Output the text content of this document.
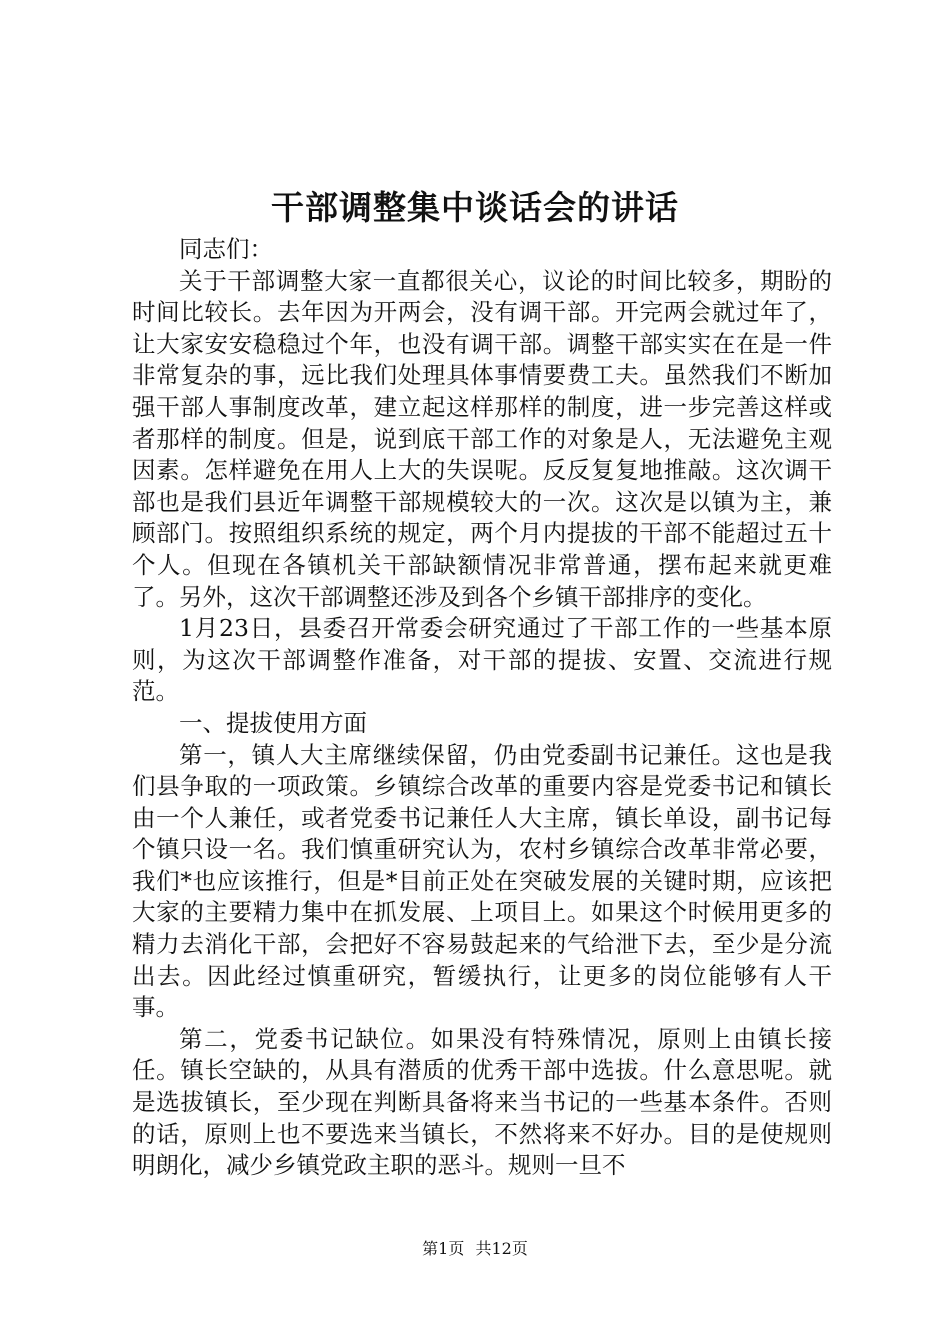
干部调整集中谈话会的讲话

同志们：

关于干部调整大家一直都很关心，议论的时间比较多，期盼的时间比较长。去年因为开两会，没有调干部。开完两会就过年了，让大家安安稳稳过个年，也没有调干部。调整干部实实在在是一件非常复杂的事，远比我们处理具体事情要费工夫。虽然我们不断加强干部人事制度改革，建立起这样那样的制度，进一步完善这样或者那样的制度。但是，说到底干部工作的对象是人，无法避免主观因素。怎样避免在用人上大的失误呢。反反复复地推敲。这次调干部也是我们县近年调整干部规模较大的一次。这次是以镇为主，兼顾部门。按照组织系统的规定，两个月内提拔的干部不能超过五十个人。但现在各镇机关干部缺额情况非常普通，摆布起来就更难了。另外，这次干部调整还涉及到各个乡镇干部排序的变化。

1月23日，县委召开常委会研究通过了干部工作的一些基本原则，为这次干部调整作准备，对干部的提拔、安置、交流进行规范。

一、提拔使用方面

第一，镇人大主席继续保留，仍由党委副书记兼任。这也是我们县争取的一项政策。乡镇综合改革的重要内容是党委书记和镇长由一个人兼任，或者党委书记兼任人大主席，镇长单设，副书记每个镇只设一名。我们慎重研究认为，农村乡镇综合改革非常必要，我们*也应该推行，但是*目前正处在突破发展的关键时期，应该把大家的主要精力集中在抓发展、上项目上。如果这个时候用更多的精力去消化干部，会把好不容易鼓起来的气给泄下去，至少是分流出去。因此经过慎重研究，暂缓执行，让更多的岗位能够有人干事。

第二，党委书记缺位。如果没有特殊情况，原则上由镇长接任。镇长空缺的，从具有潜质的优秀干部中选拔。什么意思呢。就是选拔镇长，至少现在判断具备将来当书记的一些基本条件。否则的话，原则上也不要选来当镇长，不然将来不好办。目的是使规则明朗化，减少乡镇党政主职的恶斗。规则一旦不

第1页 共12页
